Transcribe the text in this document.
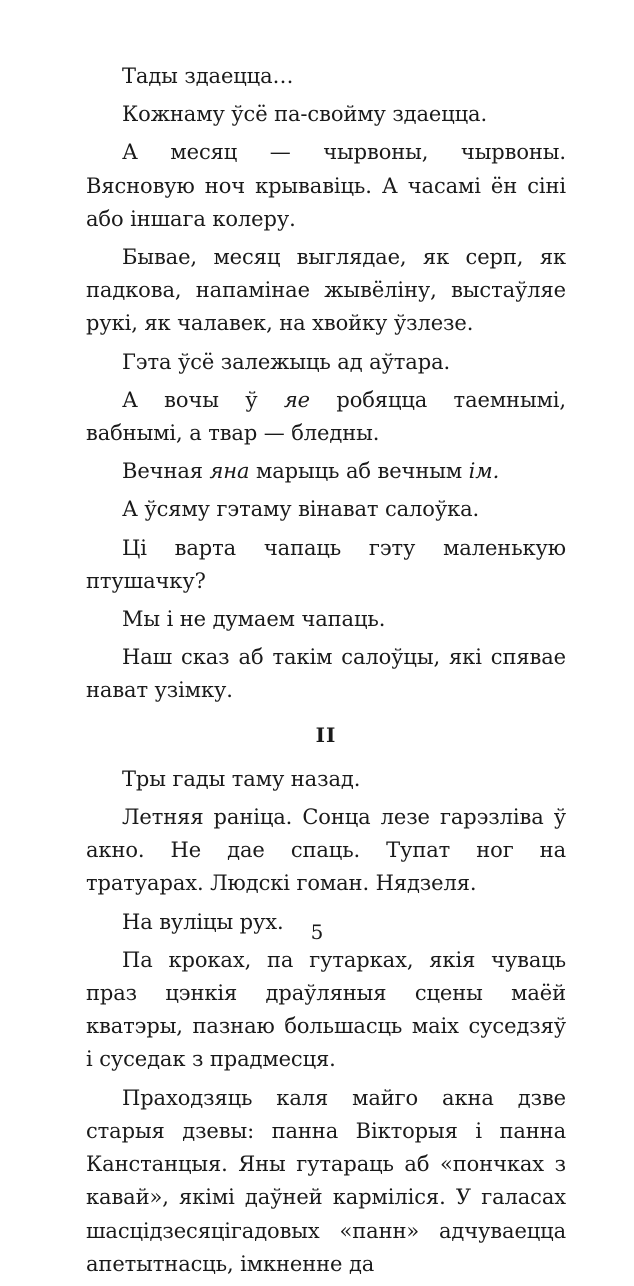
Тады здаецца…

Кожнаму ўсё па-свойму здаецца.

А месяц — чырвоны, чырвоны. Вясновую ноч крывавіць. А часамі ён сіні або іншага колеру.

Бывае, месяц выглядае, як серп, як падкова, напамінае жывёліну, выстаўляе рукі, як чалавек, на хвойку ўзлезе.

Гэта ўсё залежыць ад аўтара.

А вочы ў яе робяцца таемнымі, вабнымі, а твар — бледны.

Вечная яна марыць аб вечным ім.

А ўсяму гэтаму вінават салоўка.

Ці варта чапаць гэту маленькую птушачку?

Мы і не думаем чапаць.

Наш сказ аб такім салоўцы, які спявае нават узімку.

II

Тры гады таму назад.

Летняя раніца. Сонца лезе гарэзліва ў акно. Не дае спаць. Тупат ног на тратуарах. Людскі гоман. Нядзеля.

На вуліцы рух.

Па кроках, па гутарках, якія чуваць праз цэнкія драўляныя сцены маёй кватэры, пазнаю большасць маіх суседзяў і суседак з прадмесця.

Праходзяць каля майго акна дзве старыя дзевы: панна Вікторыя і панна Канстанцыя. Яны гутараць аб «пончках з кавай», якімі даўней карміліся. У галасах шасцідзесяцігадовых «панн» адчуваецца апетытнасць, імкненне да

5
